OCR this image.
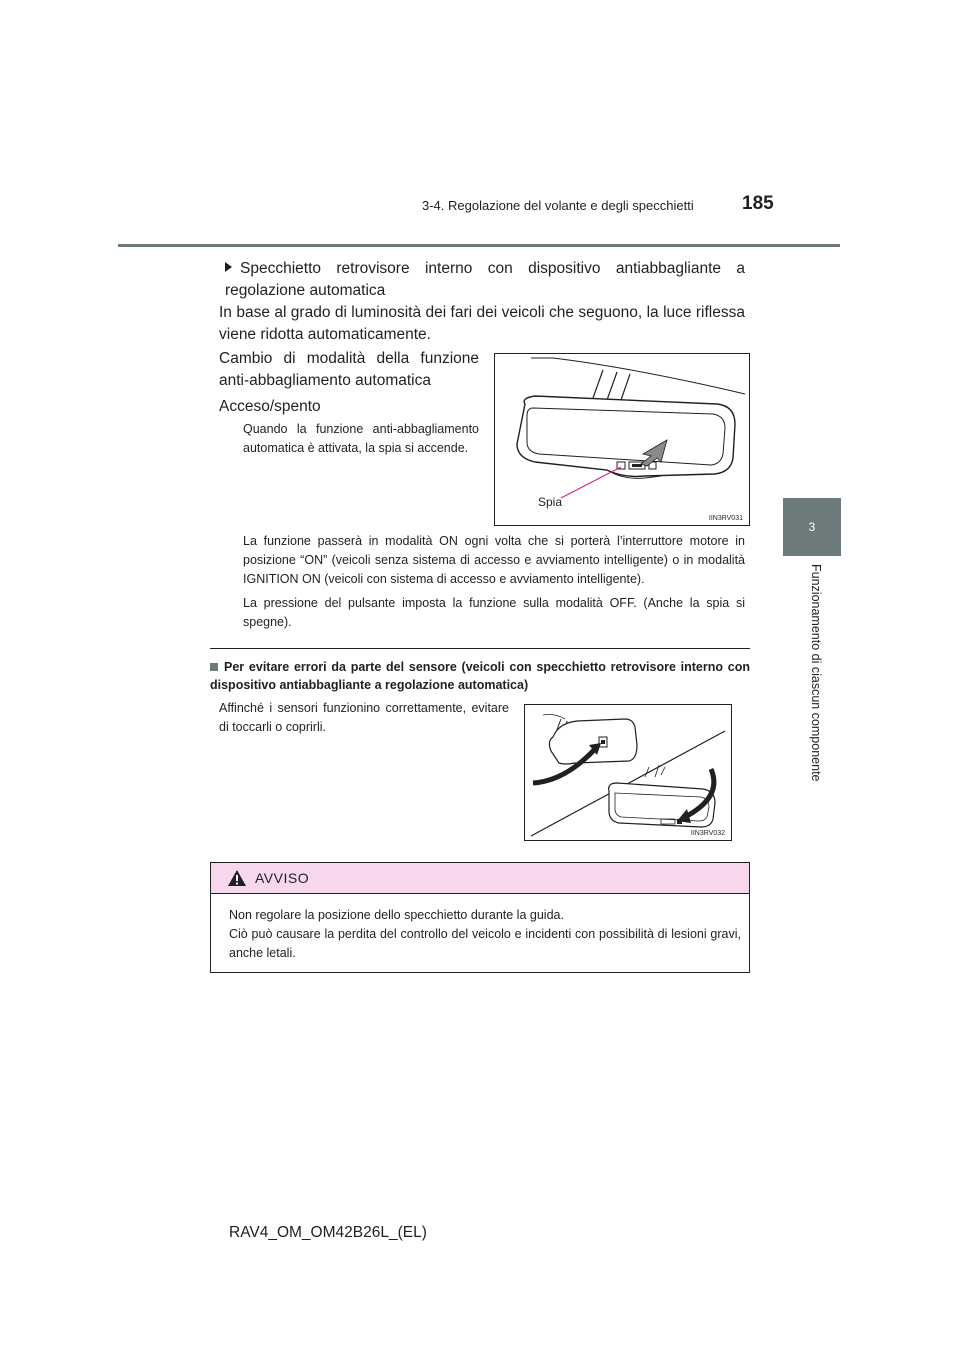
3-4. Regolazione del volante e degli specchietti	185
3
Funzionamento di ciascun componente
Specchietto retrovisore interno con dispositivo antiabbagliante a regolazione automatica
In base al grado di luminosità dei fari dei veicoli che seguono, la luce riflessa viene ridotta automaticamente.
Cambio di modalità della funzione anti-abbagliamento automatica
Acceso/spento
Quando la funzione anti-abbagliamento automatica è attivata, la spia si accende.
Spia
IIN3RV031
La funzione passerà in modalità ON ogni volta che si porterà l’interruttore motore in posizione “ON” (veicoli senza sistema di accesso e avviamento intelligente) o in modalità IGNITION ON (veicoli con sistema di accesso e avviamento intelligente).
La pressione del pulsante imposta la funzione sulla modalità OFF. (Anche la spia si spegne).
Per evitare errori da parte del sensore (veicoli con specchietto retrovisore interno con dispositivo antiabbagliante a regolazione automatica)
Affinché i sensori funzionino correttamente, evitare di toccarli o coprirli.
IIN3RV032
AVVISO
Non regolare la posizione dello specchietto durante la guida.
Ciò può causare la perdita del controllo del veicolo e incidenti con possibilità di lesioni gravi, anche letali.
RAV4_OM_OM42B26L_(EL)
